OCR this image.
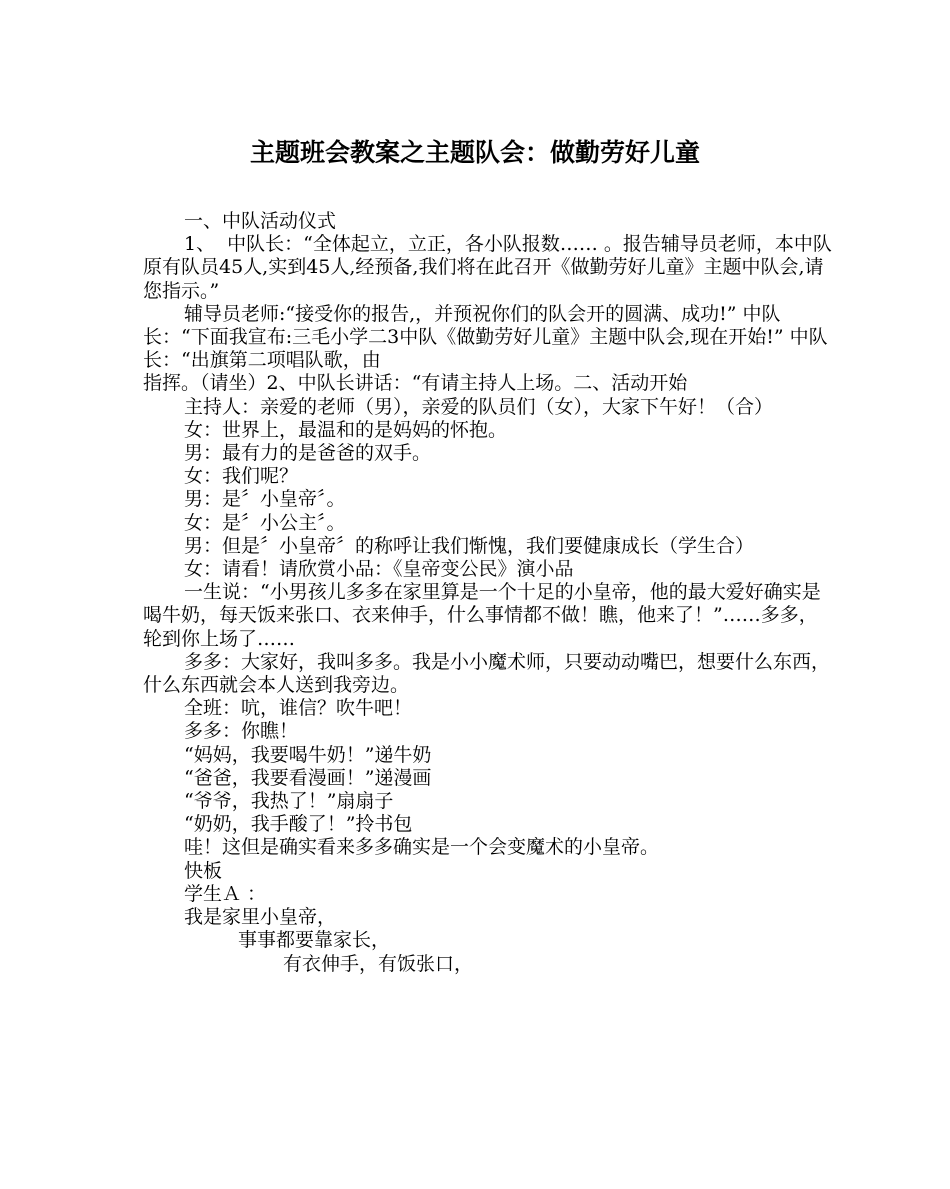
主题班会教案之主题队会：做勤劳好儿童

一、中队活动仪式

1、  中队长：“全体起立，立正，各小队报数…… 。报告辅导员老师，本中队原有队员45人,实到45人,经预备,我们将在此召开《做勤劳好儿童》主题中队会,请您指示。”

辅导员老师:“接受你的报告,，并预祝你们的队会开的圆满、成功!” 中队长：“下面我宣布:三毛小学二3中队《做勤劳好儿童》主题中队会,现在开始!” 中队长：“出旗第二项唱队歌，由

指挥。（请坐）2、中队长讲话：“有请主持人上场。二、活动开始

主持人：亲爱的老师（男），亲爱的队员们（女），大家下午好！（合）

女：世界上，最温和的是妈妈的怀抱。

男：最有力的是爸爸的双手。

女：我们呢？

男：是〞小皇帝〞。

女：是〞小公主〞。

男：但是〞小皇帝〞的称呼让我们惭愧，我们要健康成长（学生合）

女：请看！请欣赏小品：《皇帝变公民》演小品

一生说：“小男孩儿多多在家里算是一个十足的小皇帝，他的最大爱好确实是喝牛奶，每天饭来张口、衣来伸手，什么事情都不做！瞧，他来了！”……多多，轮到你上场了……

多多：大家好，我叫多多。我是小小魔术师，只要动动嘴巴，想要什么东西，什么东西就会本人送到我旁边。

全班：吭，谁信？吹牛吧！

多多：你瞧！

“妈妈，我要喝牛奶！”递牛奶

“爸爸，我要看漫画！”递漫画

“爷爷，我热了！”扇扇子

“奶奶，我手酸了！”拎书包

哇！这但是确实看来多多确实是一个会变魔术的小皇帝。

快板

学生Ａ ：

我是家里小皇帝，

事事都要靠家长，

有衣伸手，有饭张口，
